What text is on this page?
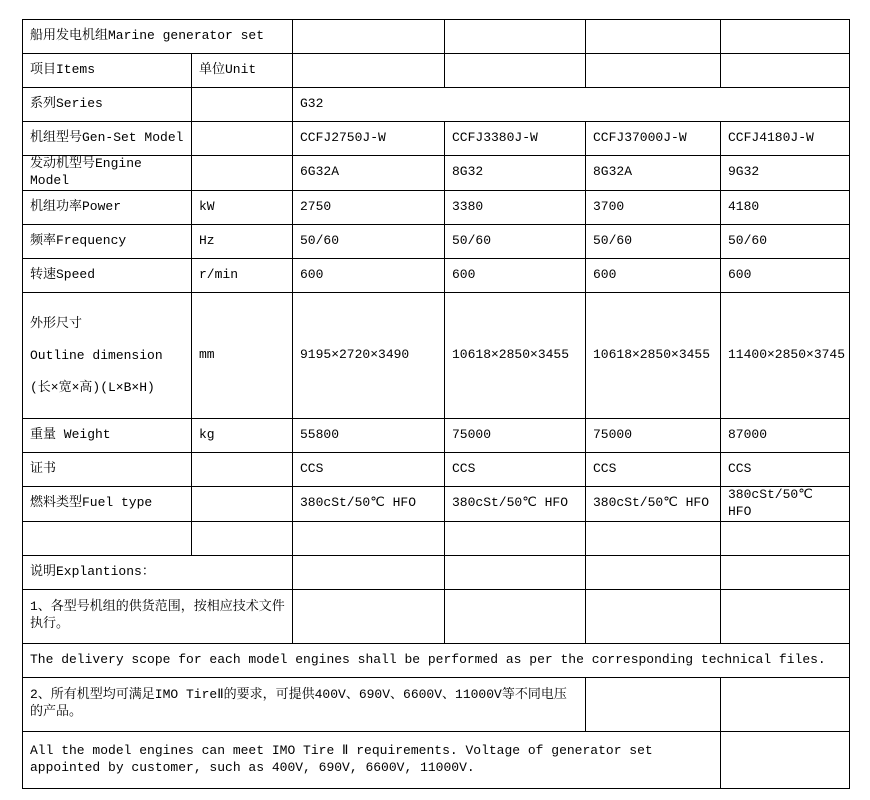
船用发电机组Marine generator set					
项目Items	单位Unit				
系列Series		G32			
机组型号Gen-Set Model		CCFJ2750J-W	CCFJ3380J-W	CCFJ37000J-W	CCFJ4180J-W
发动机型号Engine Model		6G32A	8G32	8G32A	9G32
机组功率Power	kW	2750	3380	3700	4180
频率Frequency	Hz	50/60	50/60	50/60	50/60
转速Speed	r/min	600	600	600	600

外形尺寸
Outline dimension
(长×宽×高)(L×B×H)	mm	9195×2720×3490	10618×2850×3455	10618×2850×3455	11400×2850×3745
重量 Weight	kg	55800	75000	75000	87000
证书		CCS	CCS	CCS	CCS
燃料类型Fuel type		380cSt/50℃ HFO	380cSt/50℃ HFO	380cSt/50℃ HFO	380cSt/50℃ HFO

说明Explantions：					
1、各型号机组的供货范围，按相应技术文件执行。					
The delivery scope for each model engines shall be performed as per the corresponding technical files.					
2、所有机型均可满足IMO TireⅡ的要求，可提供400V、690V、6600V、11000V等不同电压的产品。					
All the model engines can meet IMO Tire Ⅱ requirements. Voltage of generator set appointed by customer, such as 400V, 690V, 6600V, 11000V.					
